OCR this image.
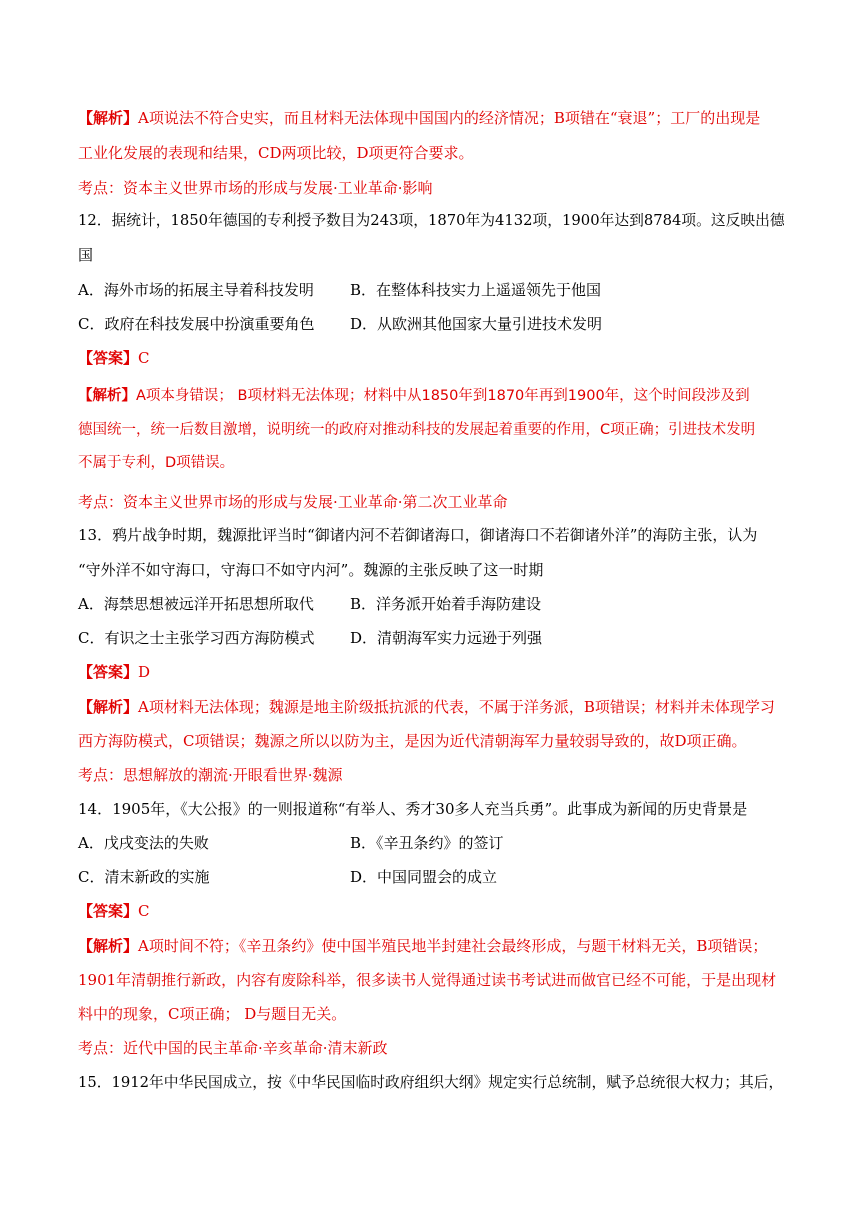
【解析】A项说法不符合史实，而且材料无法体现中国国内的经济情况；B项错在“衰退”；工厂的出现是
工业化发展的表现和结果，CD两项比较，D项更符合要求。
考点：资本主义世界市场的形成与发展·工业革命·影响
12．据统计，1850年德国的专利授予数目为243项，1870年为4132项，1900年达到8784项。这反映出德
国
A．海外市场的拓展主导着科技发明 B．在整体科技实力上遥遥领先于他国
C．政府在科技发展中扮演重要角色 D．从欧洲其他国家大量引进技术发明
【答案】C
【解析】A项本身错误； B项材料无法体现；材料中从1850年到1870年再到1900年，这个时间段涉及到
德国统一，统一后数目激增，说明统一的政府对推动科技的发展起着重要的作用，C项正确；引进技术发明
不属于专利，D项错误。
考点：资本主义世界市场的形成与发展·工业革命·第二次工业革命
13．鸦片战争时期，魏源批评当时“御诸内河不若御诸海口，御诸海口不若御诸外洋”的海防主张，认为
“守外洋不如守海口，守海口不如守内河”。魏源的主张反映了这一时期
A．海禁思想被远洋开拓思想所取代 B．洋务派开始着手海防建设
C．有识之士主张学习西方海防模式 D．清朝海军实力远逊于列强
【答案】D
【解析】A项材料无法体现；魏源是地主阶级抵抗派的代表，不属于洋务派，B项错误；材料并未体现学习
西方海防模式，C项错误；魏源之所以以防为主，是因为近代清朝海军力量较弱导致的，故D项正确。
考点：思想解放的潮流·开眼看世界·魏源
14．1905年，《大公报》的一则报道称“有举人、秀才30多人充当兵勇”。此事成为新闻的历史背景是
A．戊戌变法的失败	B．《辛丑条约》的签订
C．清末新政的实施	D．中国同盟会的成立
【答案】C
【解析】A项时间不符；《辛丑条约》使中国半殖民地半封建社会最终形成，与题干材料无关，B项错误；
1901年清朝推行新政，内容有废除科举，很多读书人觉得通过读书考试进而做官已经不可能，于是出现材
料中的现象，C项正确； D与题目无关。
考点：近代中国的民主革命·辛亥革命·清末新政
15．1912年中华民国成立，按《中华民国临时政府组织大纲》规定实行总统制，赋予总统很大权力；其后，
